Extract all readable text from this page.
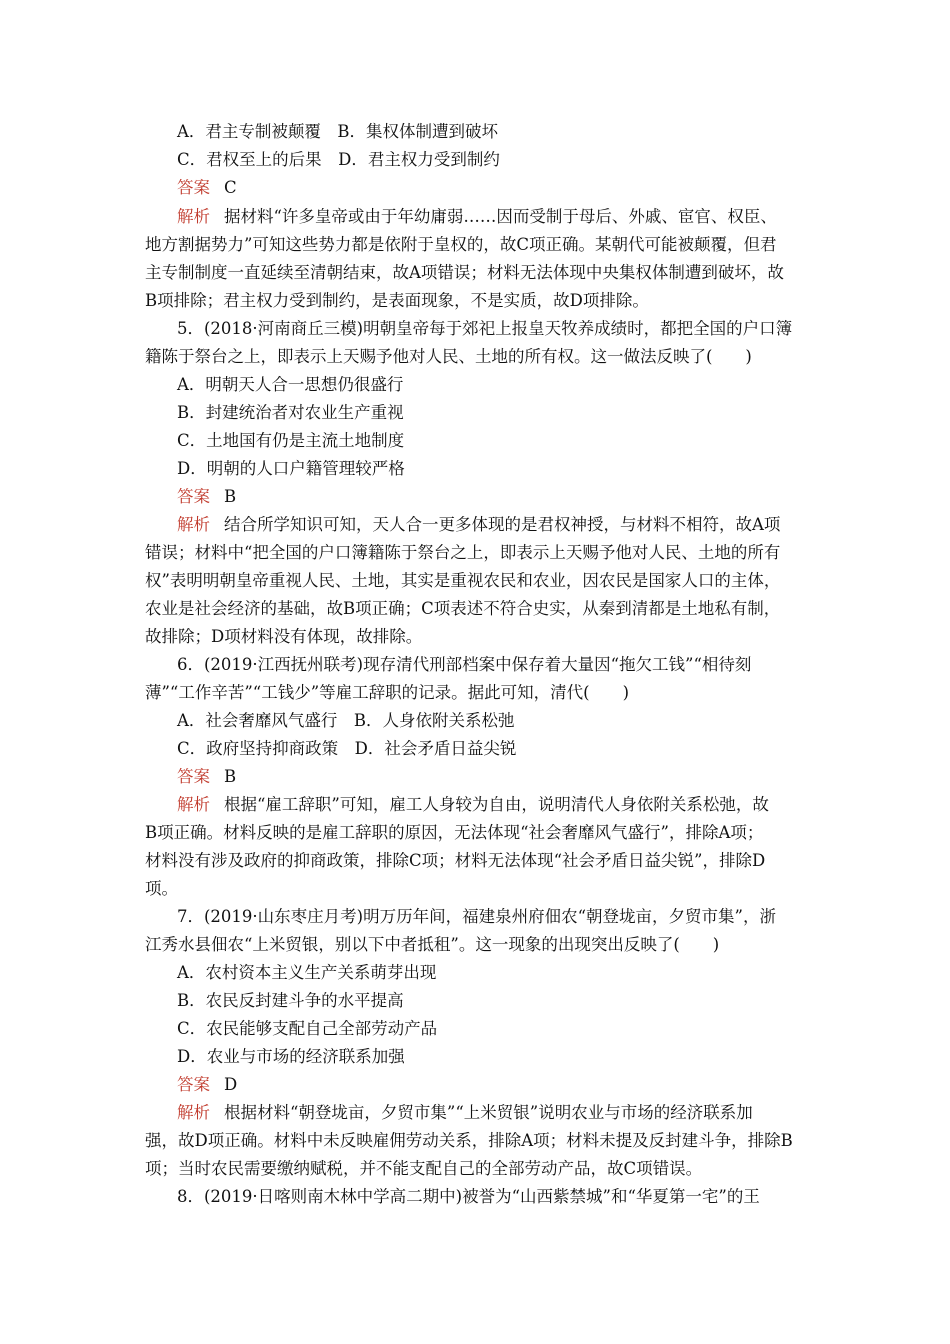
A．君主专制被颠覆　B．集权体制遭到破坏
C．君权至上的后果　D．君主权力受到制约
答案 C
解析 据材料“许多皇帝或由于年幼庸弱……因而受制于母后、外戚、宦官、权臣、
地方割据势力”可知这些势力都是依附于皇权的，故C项正确。某朝代可能被颠覆，但君
主专制制度一直延续至清朝结束，故A项错误；材料无法体现中央集权体制遭到破坏，故
B项排除；君主权力受到制约，是表面现象，不是实质，故D项排除。
5．(2018·河南商丘三模)明朝皇帝每于郊祀上报皇天牧养成绩时，都把全国的户口簿
籍陈于祭台之上，即表示上天赐予他对人民、土地的所有权。这一做法反映了(　　)
A．明朝天人合一思想仍很盛行
B．封建统治者对农业生产重视
C．土地国有仍是主流土地制度
D．明朝的人口户籍管理较严格
答案 B
解析 结合所学知识可知，天人合一更多体现的是君权神授，与材料不相符，故A项
错误；材料中“把全国的户口簿籍陈于祭台之上，即表示上天赐予他对人民、土地的所有
权”表明明朝皇帝重视人民、土地，其实是重视农民和农业，因农民是国家人口的主体，
农业是社会经济的基础，故B项正确；C项表述不符合史实，从秦到清都是土地私有制，
故排除；D项材料没有体现，故排除。
6．(2019·江西抚州联考)现存清代刑部档案中保存着大量因“拖欠工钱”“相待刻
薄”“工作辛苦”“工钱少”等雇工辞职的记录。据此可知，清代(　　)
A．社会奢靡风气盛行　B．人身依附关系松弛
C．政府坚持抑商政策　D．社会矛盾日益尖锐
答案 B
解析 根据“雇工辞职”可知，雇工人身较为自由，说明清代人身依附关系松弛，故
B项正确。材料反映的是雇工辞职的原因，无法体现“社会奢靡风气盛行”，排除A项；
材料没有涉及政府的抑商政策，排除C项；材料无法体现“社会矛盾日益尖锐”，排除D
项。
7．(2019·山东枣庄月考)明万历年间，福建泉州府佃农“朝登垅亩，夕贸市集”，浙
江秀水县佃农“上米贸银，别以下中者抵租”。这一现象的出现突出反映了(　　)
A．农村资本主义生产关系萌芽出现
B．农民反封建斗争的水平提高
C．农民能够支配自己全部劳动产品
D．农业与市场的经济联系加强
答案 D
解析 根据材料“朝登垅亩，夕贸市集”“上米贸银”说明农业与市场的经济联系加
强，故D项正确。材料中未反映雇佣劳动关系，排除A项；材料未提及反封建斗争，排除B
项；当时农民需要缴纳赋税，并不能支配自己的全部劳动产品，故C项错误。
8．(2019·日喀则南木林中学高二期中)被誉为“山西紫禁城”和“华夏第一宅”的王
